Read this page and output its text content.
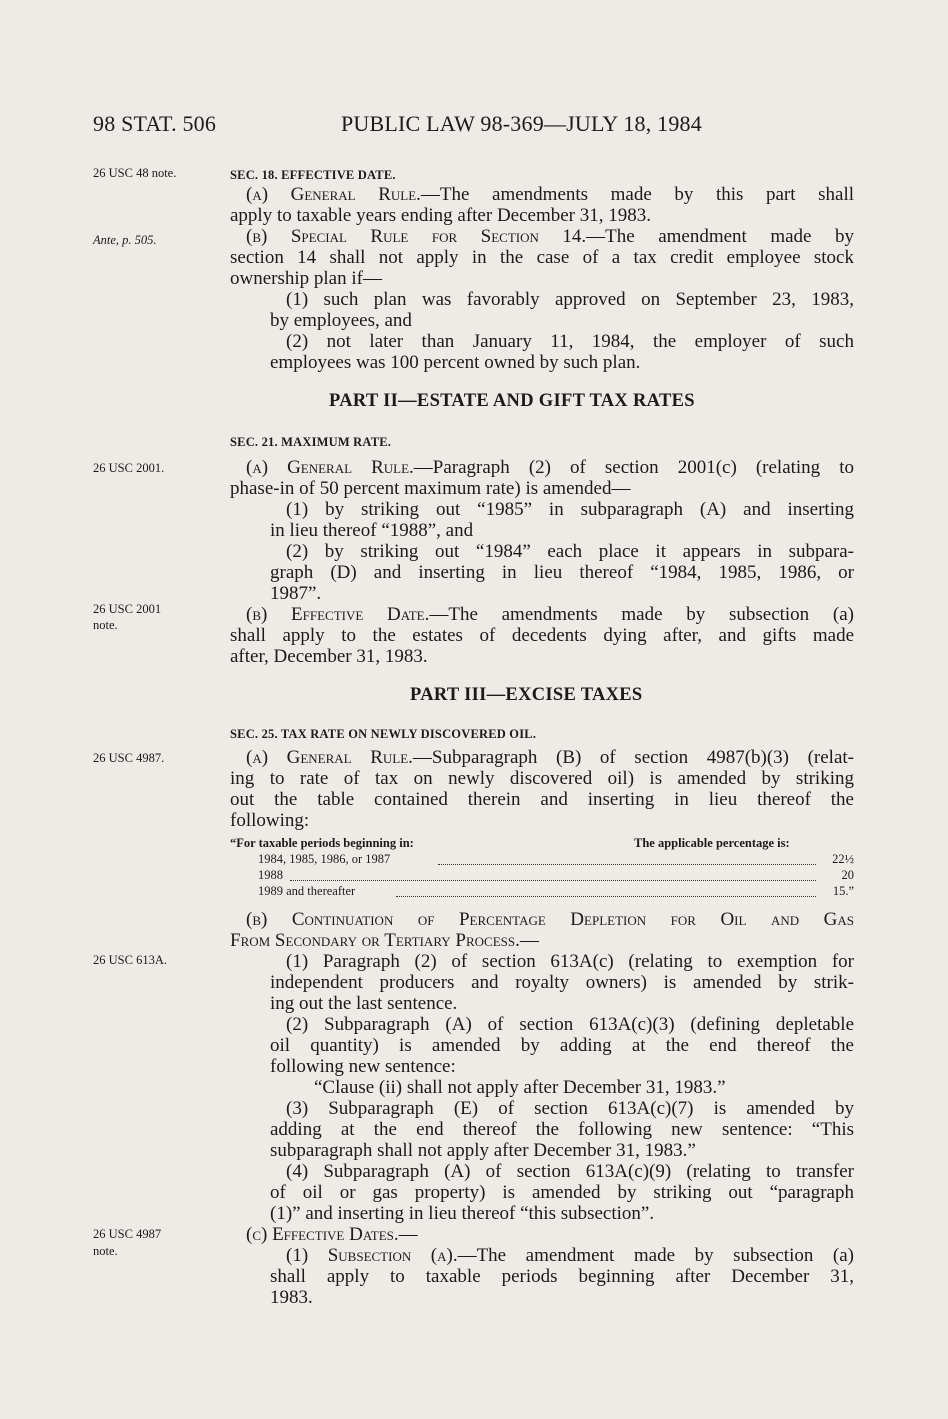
98 STAT. 506	PUBLIC LAW 98-369—JULY 18, 1984
26 USC 48 note.
Ante, p. 505.
26 USC 2001.
26 USC 2001
note.
26 USC 4987.
26 USC 613A.
26 USC 4987
note.
SEC. 18. EFFECTIVE DATE.
(a) General Rule.—The amendments made by this part shall
apply to taxable years ending after December 31, 1983.
(b) Special Rule for Section 14.—The amendment made by
section 14 shall not apply in the case of a tax credit employee stock
ownership plan if—
(1) such plan was favorably approved on September 23, 1983,
by employees, and
(2) not later than January 11, 1984, the employer of such
employees was 100 percent owned by such plan.
PART II—ESTATE AND GIFT TAX RATES
SEC. 21. MAXIMUM RATE.
(a) General Rule.—Paragraph (2) of section 2001(c) (relating to
phase-in of 50 percent maximum rate) is amended—
(1) by striking out “1985” in subparagraph (A) and inserting
in lieu thereof “1988”, and
(2) by striking out “1984” each place it appears in subpara-
graph (D) and inserting in lieu thereof “1984, 1985, 1986, or
1987”.
(b) Effective Date.—The amendments made by subsection (a)
shall apply to the estates of decedents dying after, and gifts made
after, December 31, 1983.
PART III—EXCISE TAXES
SEC. 25. TAX RATE ON NEWLY DISCOVERED OIL.
(a) General Rule.—Subparagraph (B) of section 4987(b)(3) (relat-
ing to rate of tax on newly discovered oil) is amended by striking
out the table contained therein and inserting in lieu thereof the
following:
“For taxable periods beginning in:	The applicable percentage is:
1984, 1985, 1986, or 1987	22½
1988	20
1989 and thereafter	15.”
(b) Continuation of Percentage Depletion for Oil and Gas
From Secondary or Tertiary Process.—
(1) Paragraph (2) of section 613A(c) (relating to exemption for
independent producers and royalty owners) is amended by strik-
ing out the last sentence.
(2) Subparagraph (A) of section 613A(c)(3) (defining depletable
oil quantity) is amended by adding at the end thereof the
following new sentence:
“Clause (ii) shall not apply after December 31, 1983.”
(3) Subparagraph (E) of section 613A(c)(7) is amended by
adding at the end thereof the following new sentence: “This
subparagraph shall not apply after December 31, 1983.”
(4) Subparagraph (A) of section 613A(c)(9) (relating to transfer
of oil or gas property) is amended by striking out “paragraph
(1)” and inserting in lieu thereof “this subsection”.
(c) Effective Dates.—
(1) Subsection (a).—The amendment made by subsection (a)
shall apply to taxable periods beginning after December 31,
1983.
